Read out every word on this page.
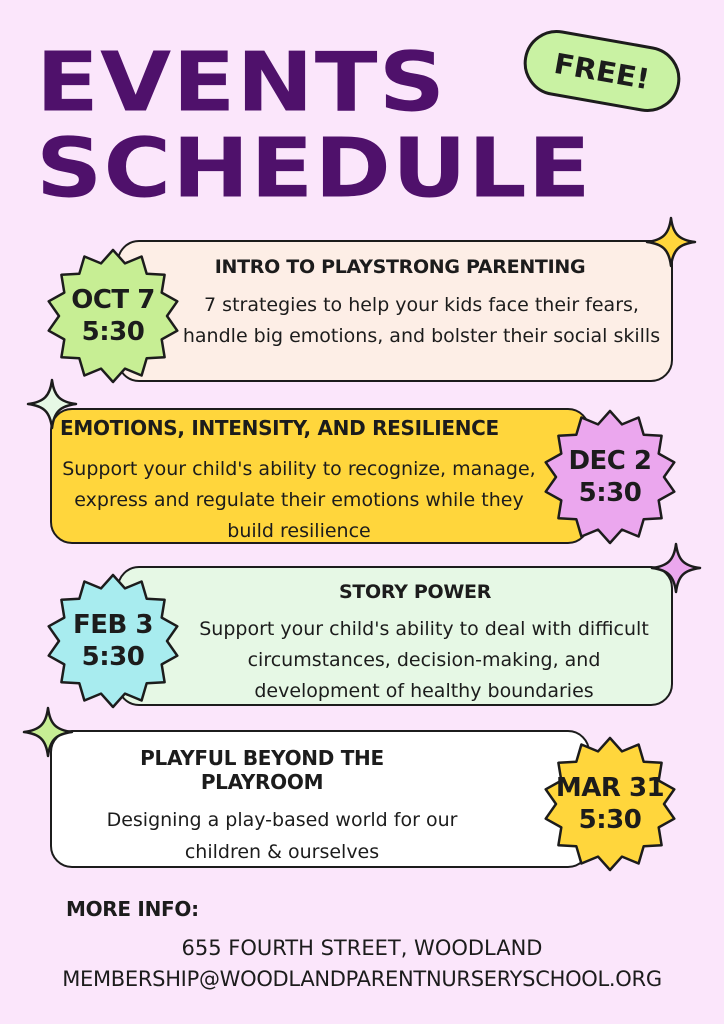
EVENTS
SCHEDULE
FREE!
INTRO TO PLAYSTRONG PARENTING
7 strategies to help your kids face their fears, handle big emotions, and bolster their social skills
OCT 7
5:30
EMOTIONS, INTENSITY, AND RESILIENCE
Support your child's ability to recognize, manage, express and regulate their emotions while they build resilience
DEC 2
5:30
STORY POWER
Support your child's ability to deal with difficult circumstances, decision-making, and development of healthy boundaries
FEB 3
5:30
PLAYFUL BEYOND THE PLAYROOM
Designing a play-based world for our children & ourselves
MAR 31
5:30
MORE INFO:
655 FOURTH STREET, WOODLAND
MEMBERSHIP@WOODLANDPARENTNURSERYSCHOOL.ORG
